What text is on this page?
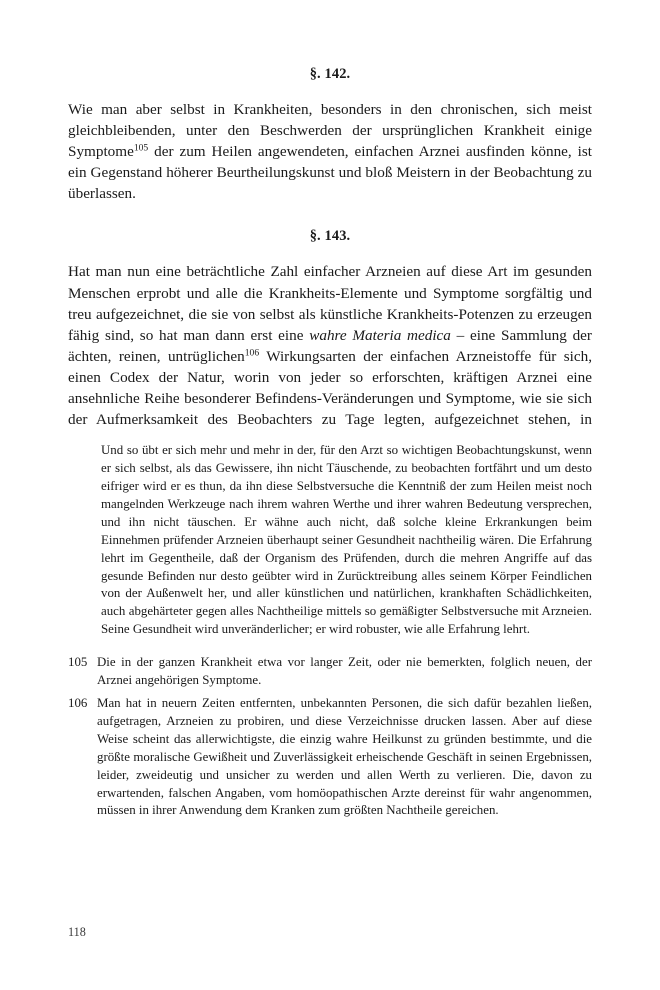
§. 142.

Wie man aber selbst in Krankheiten, besonders in den chronischen, sich meist gleichbleibenden, unter den Beschwerden der ursprünglichen Krankheit einige Symptome$^{105}$ der zum Heilen angewendeten, einfachen Arznei ausfinden könne, ist ein Gegenstand höherer Beurtheilungskunst und bloß Meistern in der Beobachtung zu überlassen.

§. 143.

Hat man nun eine beträchtliche Zahl einfacher Arzneien auf diese Art im gesunden Menschen erprobt und alle die Krankheits-Elemente und Symptome sorgfältig und treu aufgezeichnet, die sie von selbst als künstliche Krankheits-Potenzen zu erzeugen fähig sind, so hat man dann erst eine wahre Materia medica – eine Sammlung der ächten, reinen, untrüglichen$^{106}$ Wirkungsarten der einfachen Arzneistoffe für sich, einen Codex der Natur, worin von jeder so erforschten, kräftigen Arznei eine ansehnliche Reihe besonderer Befindens-Veränderungen und Symptome, wie sie sich der Aufmerksamkeit des Beobachters zu Tage legten, aufgezeichnet stehen, in

Und so übt er sich mehr und mehr in der, für den Arzt so wichtigen Beobachtungskunst, wenn er sich selbst, als das Gewissere, ihn nicht Täuschende, zu beobachten fortfährt und um desto eifriger wird er es thun, da ihn diese Selbstversuche die Kenntniß der zum Heilen meist noch mangelnden Werkzeuge nach ihrem wahren Werthe und ihrer wahren Bedeutung versprechen, und ihn nicht täuschen. Er wähne auch nicht, daß solche kleine Erkrankungen beim Einnehmen prüfender Arzneien überhaupt seiner Gesundheit nachtheilig wären. Die Erfahrung lehrt im Gegentheile, daß der Organism des Prüfenden, durch die mehren Angriffe auf das gesunde Befinden nur desto geübter wird in Zurücktreibung alles seinem Körper Feindlichen von der Außenwelt her, und aller künstlichen und natürlichen, krankhaften Schädlichkeiten, auch abgehärteter gegen alles Nachtheilige mittels so gemäßigter Selbstversuche mit Arzneien. Seine Gesundheit wird unveränderlicher; er wird robuster, wie alle Erfahrung lehrt.

105 Die in der ganzen Krankheit etwa vor langer Zeit, oder nie bemerkten, folglich neuen, der Arznei angehörigen Symptome.
106 Man hat in neuern Zeiten entfernten, unbekannten Personen, die sich dafür bezahlen ließen, aufgetragen, Arzneien zu probiren, und diese Verzeichnisse drucken lassen. Aber auf diese Weise scheint das allerwichtigste, die einzig wahre Heilkunst zu gründen bestimmte, und die größte moralische Gewißheit und Zuverlässigkeit erheischende Geschäft in seinen Ergebnissen, leider, zweideutig und unsicher zu werden und allen Werth zu verlieren. Die, davon zu erwartenden, falschen Angaben, vom homöopathischen Arzte dereinst für wahr angenommen, müssen in ihrer Anwendung dem Kranken zum größten Nachtheile gereichen.
118
